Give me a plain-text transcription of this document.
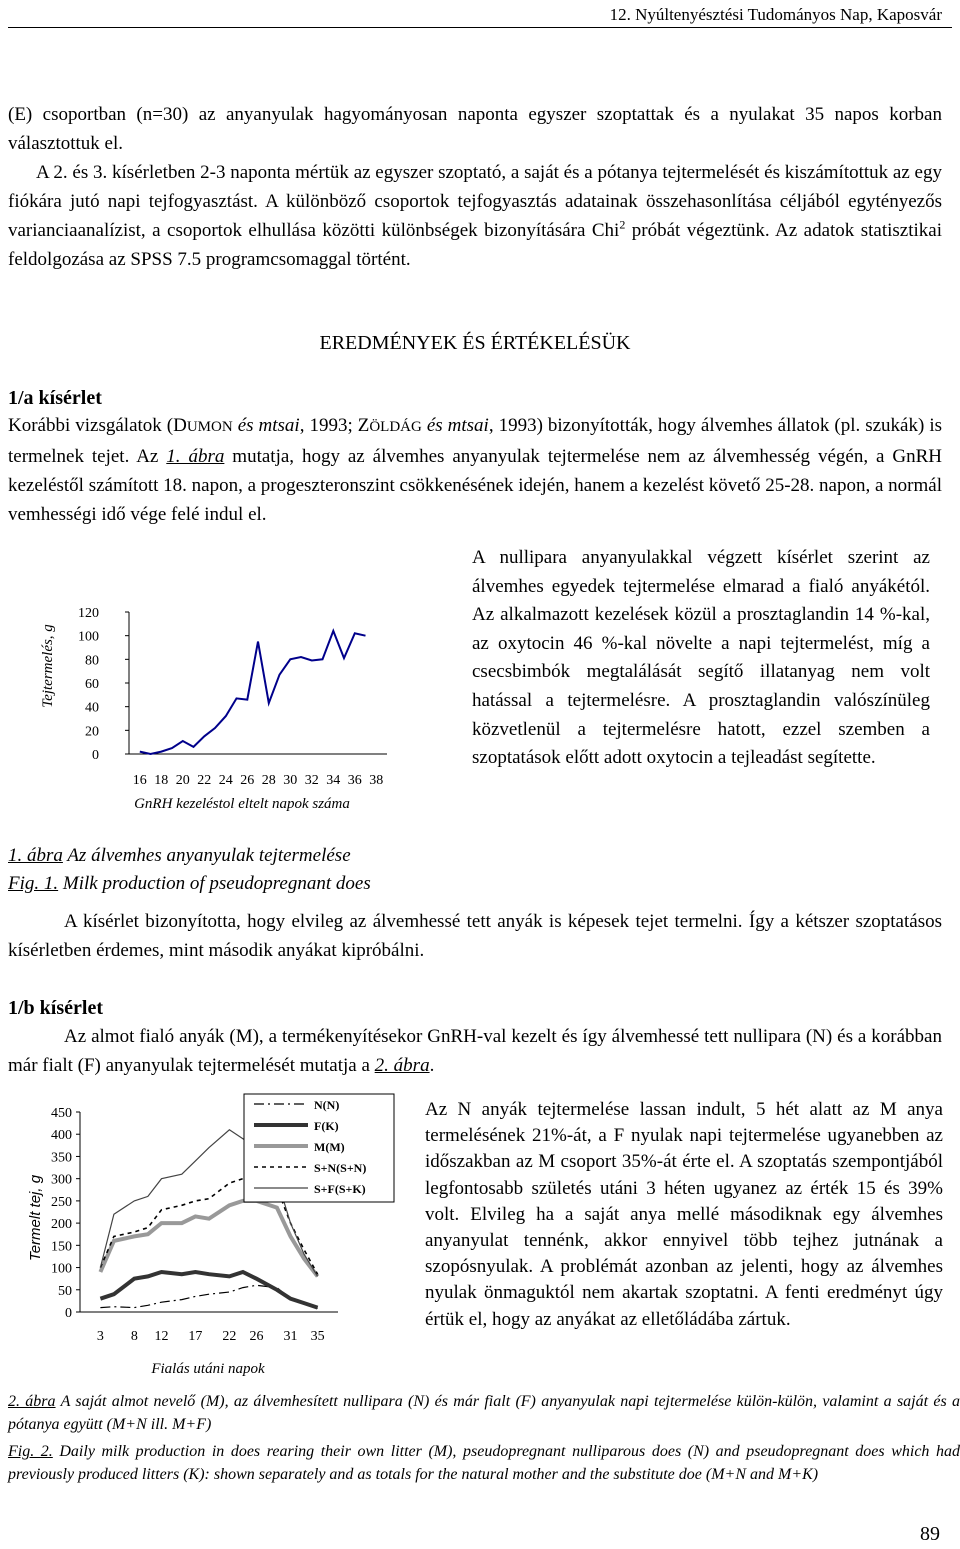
12. Nyúltenyésztési Tudományos Nap, Kaposvár

(E) csoportban (n=30) az anyanyulak hagyományosan naponta egyszer szoptattak és a nyulakat 35 napos korban választottuk el.

A 2. és 3. kísérletben 2-3 naponta mértük az egyszer szoptató, a saját és a pótanya tejtermelését és kiszámítottuk az egy fiókára jutó napi tejfogyasztást. A különböző csoportok tejfogyasztás adatainak összehasonlítása céljából egytényezős varianciaanalízist, a csoportok elhullása közötti különbségek bizonyítására Chi$^2$ próbát végeztünk. Az adatok statisztikai feldolgozása az SPSS 7.5 programcsomaggal történt.

EREDMÉNYEK ÉS ÉRTÉKELÉSÜK
1/a kísérlet

Korábbi vizsgálatok (DUMON és mtsai, 1993; ZÖLDÁG és mtsai, 1993) bizonyították, hogy álvemhes állatok (pl. szukák) is termelnek tejet. Az 1. ábra mutatja, hogy az álvemhes anyanyulak tejtermelése nem az álvemhesség végén, a GnRH kezeléstől számított 18. napon, a progeszteronszint csökkenésének idején, hanem a kezelést követő 25-28. napon, a normál vemhességi idő vége felé indul el.

A nullipara anyanyulakkal végzett kísérlet szerint az álvemhes egyedek tejtermelése elmarad a fialó anyákétól. Az alkalmazott kezelések közül a prosztaglandin 14 %-kal, az oxytocin 46 %-kal növelte a napi tejtermelést, míg a csecsbimbók megtalálását segítő illatanyag nem volt hatással a tejtermelésre. A prosztaglandin valószínüleg közvetlenül a tejtermelésre hatott, ezzel szemben a szoptatások előtt adott oxytocin a tejleadást segítette.

Tejtermelés, g
0
20
40
60
80
100
120
16 18 20 22 24 26 28 30 32 34 36 38
GnRH kezeléstol eltelt napok száma
1. ábra Az álvemhes anyanyulak tejtermelése
Fig. 1. Milk production of pseudopregnant does

A kísérlet bizonyította, hogy elvileg az álvemhessé tett anyák is képesek tejet termelni. Így a kétszer szoptatásos kísérletben érdemes, mint második anyákat kipróbálni.

1/b kísérlet

Az almot fialó anyák (M), a termékenyítésekor GnRH-val kezelt és így álvemhessé tett nullipara (N) és a korábban már fialt (F) anyanyulak tejtermelését mutatja a 2. ábra.

Termelt tej, g
0
50
100
150
200
250
300
350
400
450
3 8 12 17 22 26 31 35
N(N)
F(K)
M(M)
S+N(S+N)
S+F(S+K)
Fialás utáni napok

Az N anyák tejtermelése lassan indult, 5 hét alatt az M anya termelésének 21%-át, a F nyulak napi tejtermelése ugyanebben az időszakban az M csoport 35%-át érte el. A szoptatás szempontjából legfontosabb születés utáni 3 héten ugyanez az érték 15 és 39% volt. Elvileg ha a saját anya mellé másodiknak egy álvemhes anyanyulat tennénk, akkor ennyivel több tejhez jutnának a szopósnyulak. A problémát azonban az jelenti, hogy az álvemhes nyulak önmaguktól nem akartak szoptatni. A fenti eredményt úgy értük el, hogy az anyákat az elletőládába zártuk.

2. ábra A saját almot nevelő (M), az álvemhesített nullipara (N) és már fialt (F) anyanyulak napi tejtermelése külön-külön, valamint a saját és a pótanya együtt (M+N ill. M+F)

Fig. 2. Daily milk production in does rearing their own litter (M), pseudopregnant nulliparous does (N) and pseudopregnant does which had previously produced litters (K): shown separately and as totals for the natural mother and the substitute doe (M+N and M+K)

89
